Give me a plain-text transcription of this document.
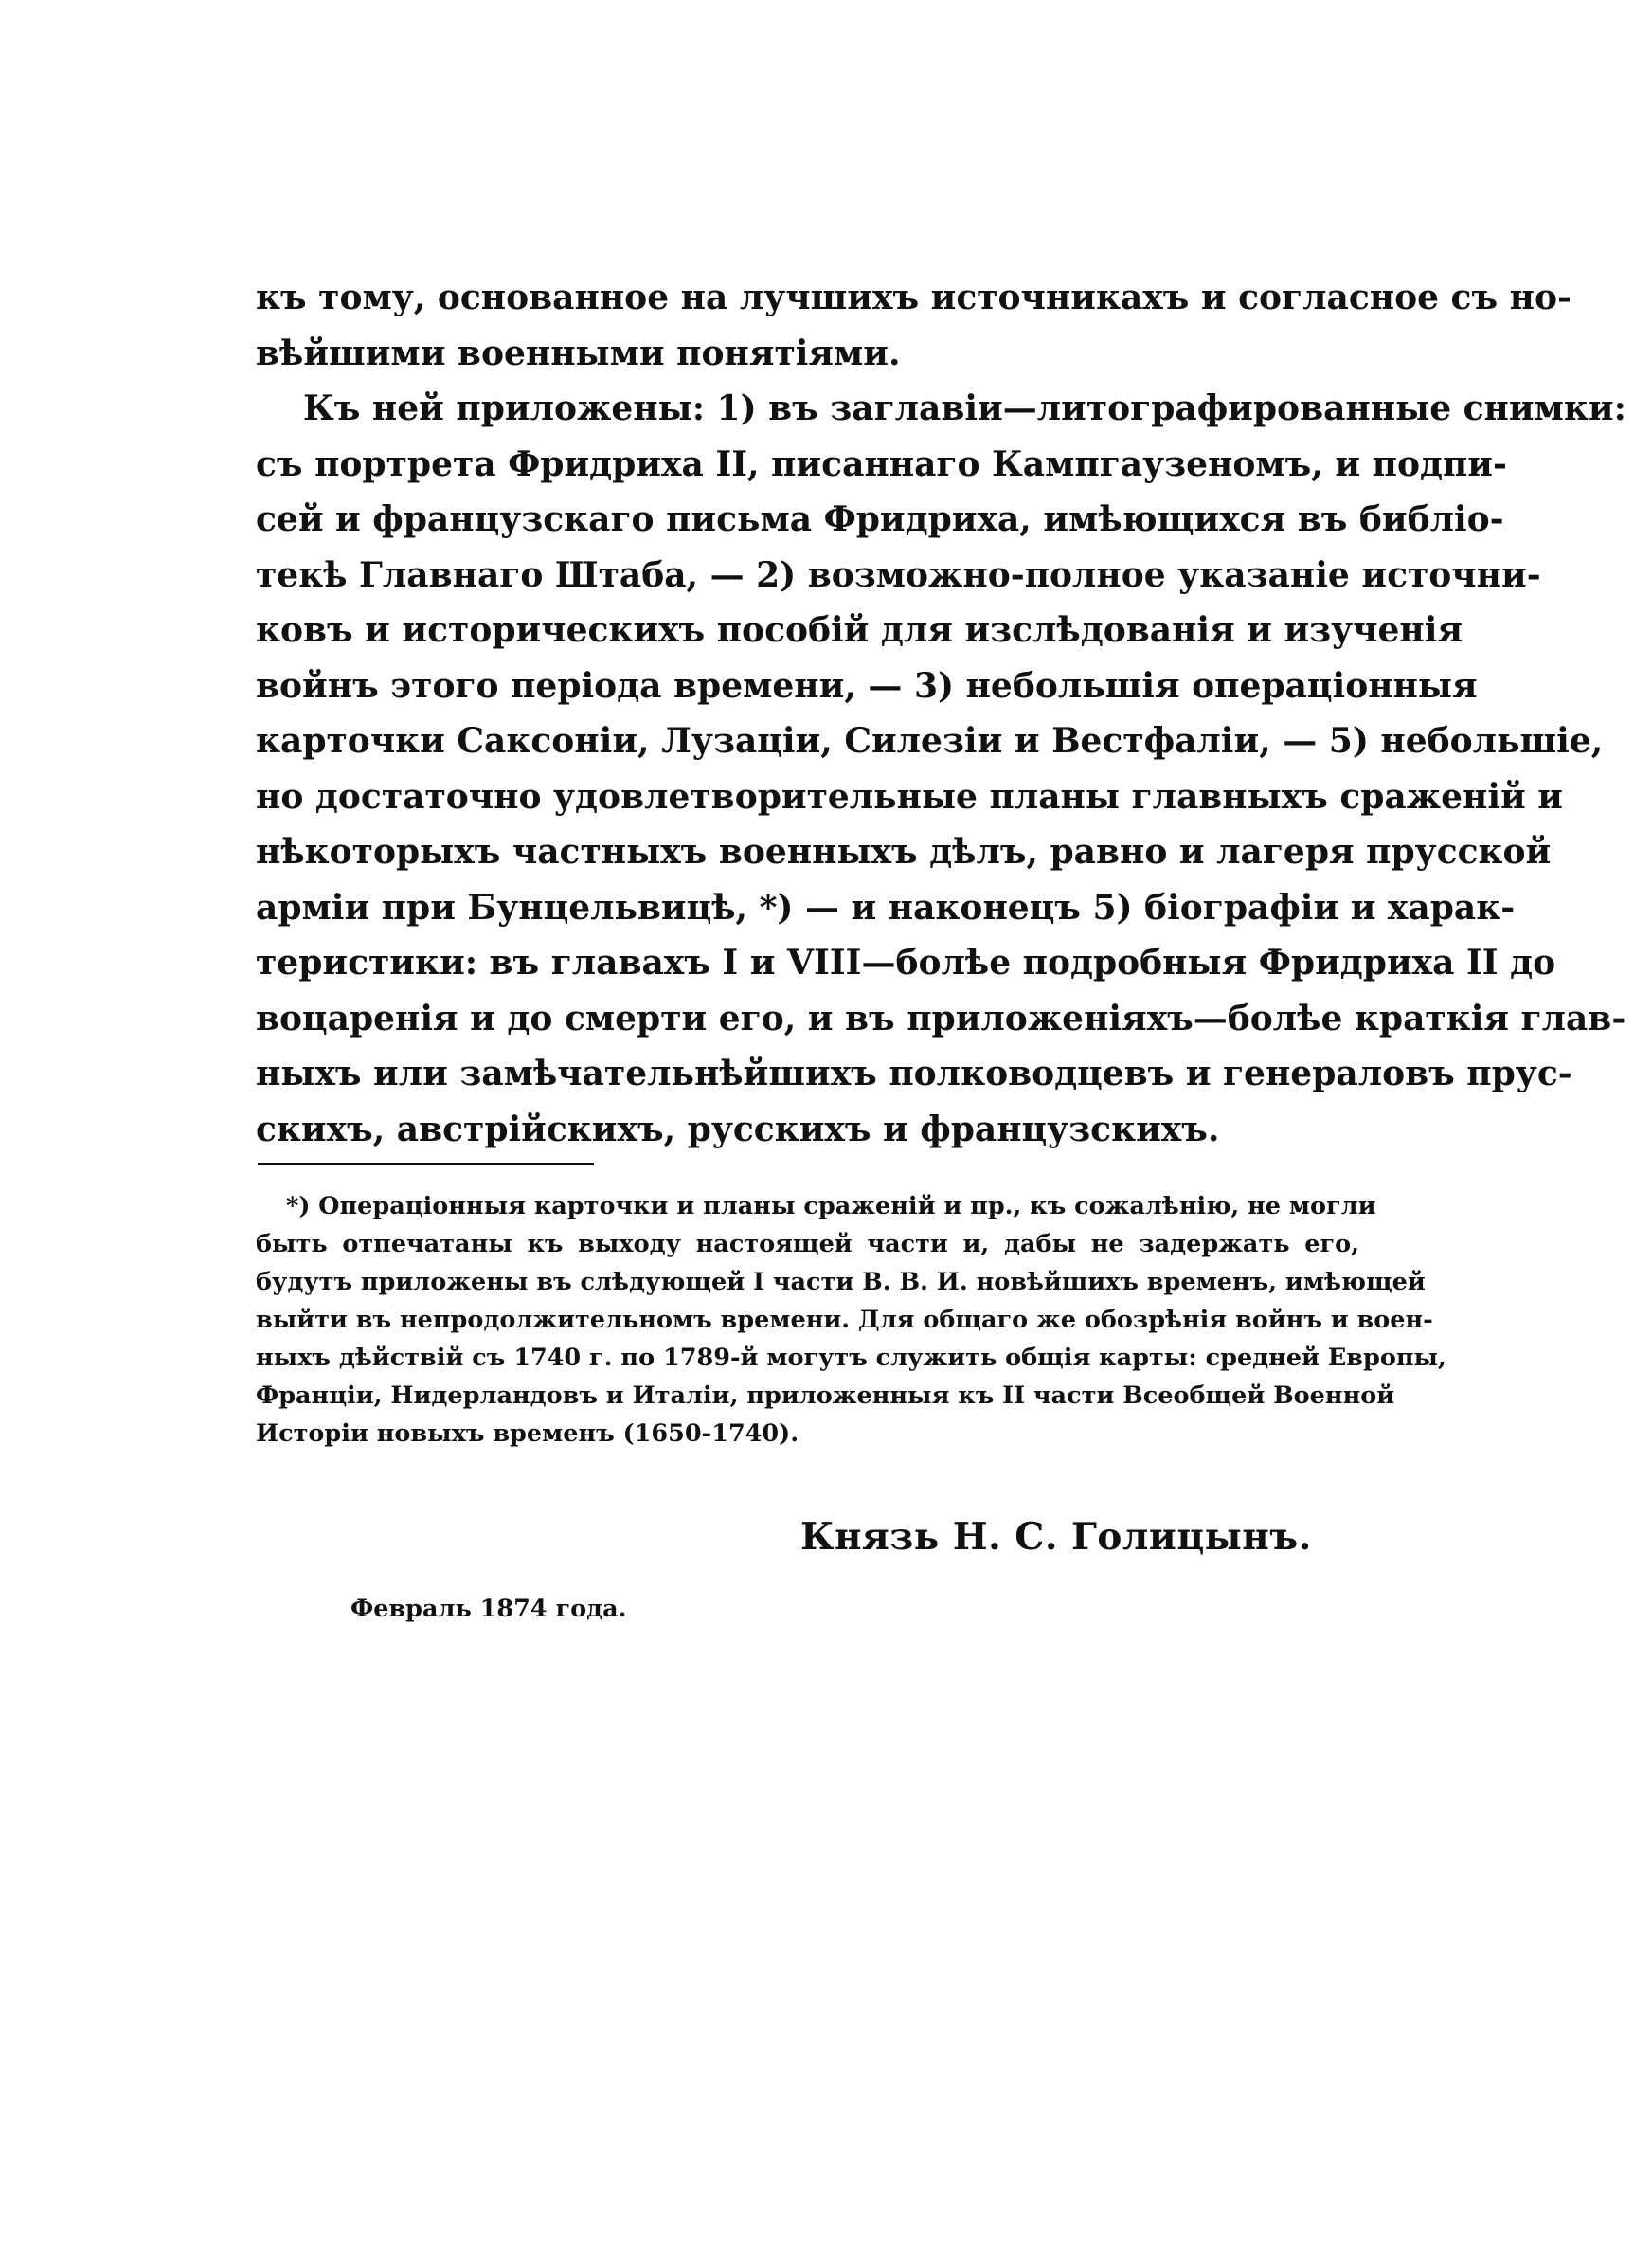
къ тому, основанное на лучшихъ источникахъ и согласное съ но-
вѣйшими военными понятіями.
Къ ней приложены: 1) въ заглавіи—литографированные снимки:
съ портрета Фридриха II, писаннаго Кампгаузеномъ, и подпи-
сей и французскаго письма Фридриха, имѣющихся въ библіо-
текѣ Главнаго Штаба, — 2) возможно-полное указаніе источни-
ковъ и историческихъ пособій для изслѣдованія и изученія
войнъ этого періода времени, — 3) небольшія операціонныя
карточки Саксоніи, Лузаціи, Силезіи и Вестфаліи, — 5) небольшіе,
но достаточно удовлетворительные планы главныхъ сраженій и
нѣкоторыхъ частныхъ военныхъ дѣлъ, равно и лагеря прусской
арміи при Бунцельвицѣ, *) — и наконецъ 5) біографіи и харак-
теристики: въ главахъ I и VIII—болѣе подробныя Фридриха II до
воцаренія и до смерти его, и въ приложеніяхъ—болѣе краткія глав-
ныхъ или замѣчательнѣйшихъ полководцевъ и генераловъ прус-
скихъ, австрійскихъ, русскихъ и французскихъ.
*) Операціонныя карточки и планы сраженій и пр., къ сожалѣнію, не могли
быть отпечатаны къ выходу настоящей части и, дабы не задержать его,
будутъ приложены въ слѣдующей I части В. В. И. новѣйшихъ временъ, имѣющей
выйти въ непродолжительномъ времени. Для общаго же обозрѣнія войнъ и воен-
ныхъ дѣйствій съ 1740 г. по 1789-й могутъ служить общія карты: средней Европы,
Франціи, Нидерландовъ и Италіи, приложенныя къ II части Всеобщей Военной
Исторіи новыхъ временъ (1650-1740).
Князь Н. С. Голицынъ.
Февраль 1874 года.
